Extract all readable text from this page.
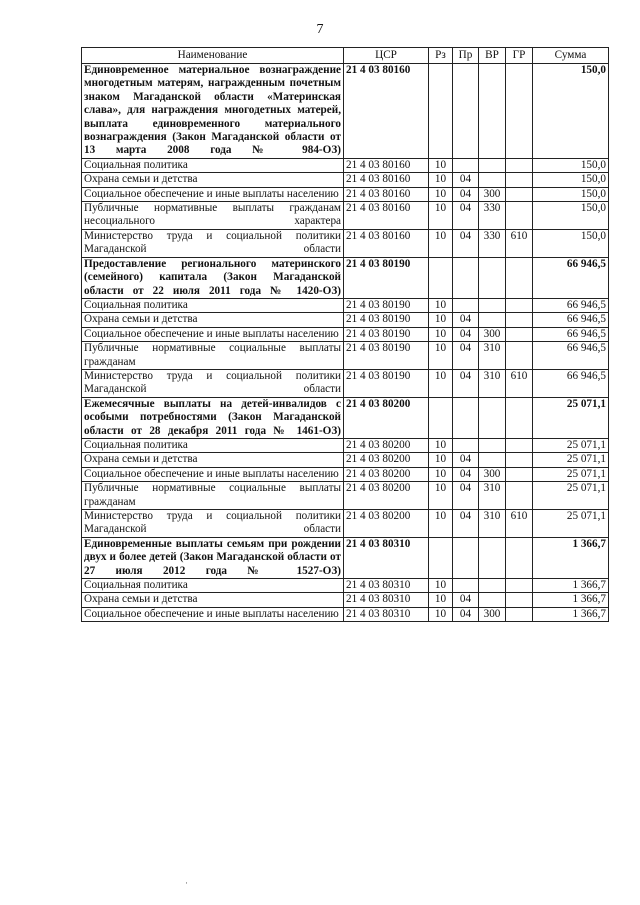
7
Наименование	ЦСР	Рз	Пр	ВР	ГР	Сумма
Единовременное материальное вознаграждение многодетным матерям, награжденным почетным знаком Магаданской области «Материнская слава», для награждения многодетных матерей, выплата единовременного материального вознаграждения (Закон Магаданской области от 13 марта 2008 года № 984-ОЗ)	21 4 03 80160					150,0
Социальная политика	21 4 03 80160	10				150,0
Охрана семьи и детства	21 4 03 80160	10	04			150,0
Социальное обеспечение и иные выплаты населению	21 4 03 80160	10	04	300		150,0
Публичные нормативные выплаты гражданам несоциального характера	21 4 03 80160	10	04	330		150,0
Министерство труда и социальной политики Магаданской области	21 4 03 80160	10	04	330	610	150,0
Предоставление регионального материнского (семейного) капитала (Закон Магаданской области от 22 июля 2011 года № 1420-ОЗ)	21 4 03 80190					66 946,5
Социальная политика	21 4 03 80190	10				66 946,5
Охрана семьи и детства	21 4 03 80190	10	04			66 946,5
Социальное обеспечение и иные выплаты населению	21 4 03 80190	10	04	300		66 946,5
Публичные нормативные социальные выплаты гражданам	21 4 03 80190	10	04	310		66 946,5
Министерство труда и социальной политики Магаданской области	21 4 03 80190	10	04	310	610	66 946,5
Ежемесячные выплаты на детей-инвалидов с особыми потребностями (Закон Магаданской области от 28 декабря 2011 года № 1461-ОЗ)	21 4 03 80200					25 071,1
Социальная политика	21 4 03 80200	10				25 071,1
Охрана семьи и детства	21 4 03 80200	10	04			25 071,1
Социальное обеспечение и иные выплаты населению	21 4 03 80200	10	04	300		25 071,1
Публичные нормативные социальные выплаты гражданам	21 4 03 80200	10	04	310		25 071,1
Министерство труда и социальной политики Магаданской области	21 4 03 80200	10	04	310	610	25 071,1
Единовременные выплаты семьям при рождении двух и более детей (Закон Магаданской области от 27 июля 2012 года № 1527-ОЗ)	21 4 03 80310					1 366,7
Социальная политика	21 4 03 80310	10				1 366,7
Охрана семьи и детства	21 4 03 80310	10	04			1 366,7
Социальное обеспечение и иные выплаты населению	21 4 03 80310	10	04	300		1 366,7
·
